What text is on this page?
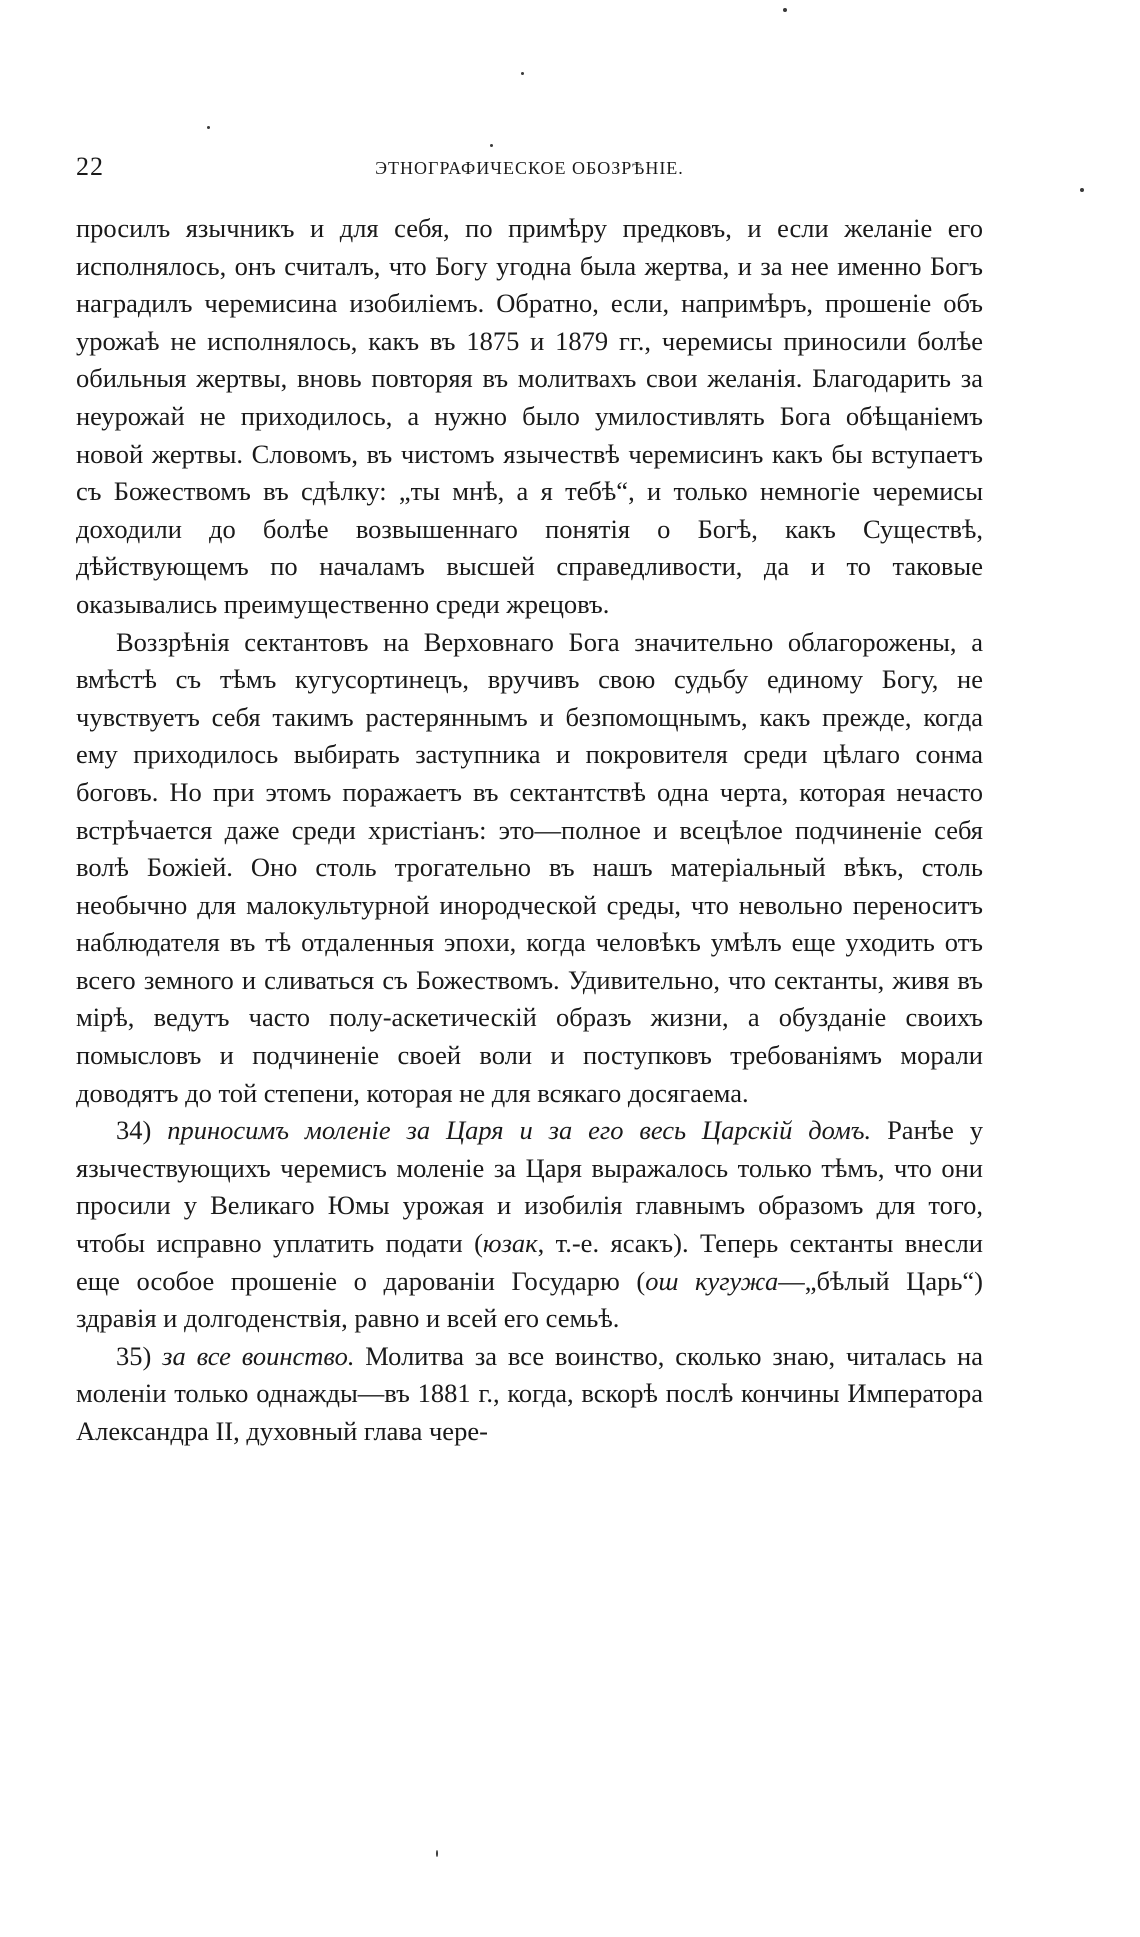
22	ЭТНОГРАФИЧЕСКОЕ ОБОЗРѢНІЕ.

просилъ язычникъ и для себя, по примѣру предковъ, и если желаніе его исполнялось, онъ считалъ, что Богу угодна была жертва, и за нее именно Богъ наградилъ черемисина изобиліемъ. Обратно, если, напримѣръ, прошеніе объ урожаѣ не исполнялось, какъ въ 1875 и 1879 гг., черемисы приносили болѣе обильныя жертвы, вновь повторяя въ молитвахъ свои желанія. Благодарить за неурожай не приходилось, а нужно было умилостивлять Бога обѣщаніемъ новой жертвы. Словомъ, въ чистомъ язычествѣ черемисинъ какъ бы вступаетъ съ Божествомъ въ сдѣлку: „ты мнѣ, а я тебѣ“, и только немногіе черемисы доходили до болѣе возвышеннаго понятія о Богѣ, какъ Существѣ, дѣйствующемъ по началамъ высшей справедливости, да и то таковые оказывались преимущественно среди жрецовъ.

Воззрѣнія сектантовъ на Верховнаго Бога значительно облагорожены, а вмѣстѣ съ тѣмъ кугусортинецъ, вручивъ свою судьбу единому Богу, не чувствуетъ себя такимъ растеряннымъ и безпомощнымъ, какъ прежде, когда ему приходилось выбирать заступника и покровителя среди цѣлаго сонма боговъ. Но при этомъ поражаетъ въ сектантствѣ одна черта, которая нечасто встрѣчается даже среди христіанъ: это—полное и всецѣлое подчиненіе себя волѣ Божіей. Оно столь трогательно въ нашъ матеріальный вѣкъ, столь необычно для малокультурной инородческой среды, что невольно переноситъ наблюдателя въ тѣ отдаленныя эпохи, когда человѣкъ умѣлъ еще уходить отъ всего земного и сливаться съ Божествомъ. Удивительно, что сектанты, живя въ мірѣ, ведутъ часто полу-аскетическій образъ жизни, а обузданіе своихъ помысловъ и подчиненіе своей воли и поступковъ требованіямъ морали доводятъ до той степени, которая не для всякаго досягаема.

34) приносимъ моленіе за Царя и за его весь Царскій домъ. Ранѣе у язычествующихъ черемисъ моленіе за Царя выражалось только тѣмъ, что они просили у Великаго Юмы урожая и изобилія главнымъ образомъ для того, чтобы исправно уплатить подати (юзак, т.-е. ясакъ). Теперь сектанты внесли еще особое прошеніе о дарованіи Государю (ош кугужа—„бѣлый Царь“) здравія и долгоденствія, равно и всей его семьѣ.

35) за все воинство. Молитва за все воинство, сколько знаю, читалась на моленіи только однажды—въ 1881 г., когда, вскорѣ послѣ кончины Императора Александра II, духовный глава чере-
